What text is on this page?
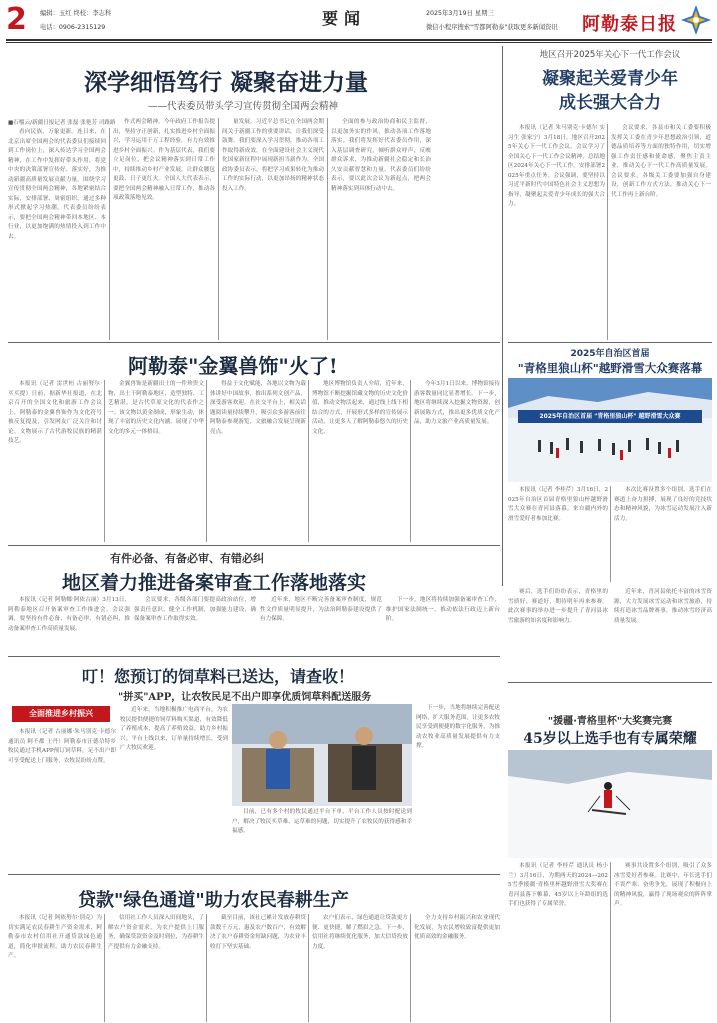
2	编辑：玉红 终校：李志科
电话：0906-2315129	要闻	2025年3月19日 星期三
微信小程序搜索"雪都阿勒泰"获取更多新闻资讯 阿勒泰日报
深学细悟笃行 凝聚奋进力量
——代表委员带头学习宣传贯彻全国两会精神
■石榴云/新疆日报记者 张磊 张艳芳 司路路

看向民族，万象更新。连日来，在北京出席全国两会的代表委员们接续回到工作岗位上，深入传达学习全国两会精神，在工作中发挥好带头作用，将党中央的决策部署宣传好、落实好，为推动新疆高质量发展贡献力量。围绕学习宣传贯彻全国两会精神，各地紧密结合实际，安排部署、周密组织，通过多种形式掀起学习热潮。代表委员纷纷表示，要把全国两会精神带回本地区、本行业，以更加饱满的热情投入到工作中去。

作式两会精神。今年政府工作报告提出，坚持守正创新，扎实推进乡村全面振兴，学习运用千万工程经验，有力有效推进乡村全面振兴。作为基层代表，我们要立足岗位，把会议精神落实到日常工作中，持续推动乡村产业发展，让群众腰包更鼓、日子更红火。全国人大代表表示，要把全国两会精神融入日常工作，推动各项政策落地见效。

量发展。习近平总书记在全国两会期间关于新疆工作的重要讲话，让我们深受鼓舞。我们要深入学习贯彻，推动各项工作取得新成效，在全面建设社会主义现代化国家新征程中展现新担当新作为。全国政协委员表示，将把学习成果转化为推动工作的实际行动，以更加昂扬的精神状态投入工作。

全面的参与政治协商和民主监督，以更加务实的作风，推动各项工作落地落实。我们将发挥好代表委员作用，深入基层调查研究，倾听群众呼声，反映群众诉求，为推动新疆社会稳定和长治久安贡献智慧和力量。代表委员们纷纷表示，要以此次会议为新起点，把两会精神落实到具体行动中去。

地区召开2025年关心下一代工作会议
凝聚起关爱青少年
成长强大合力

本报讯（记者 朱马别克·卡德尔 实习生 张家宁）3月18日，地区召开2025年关心下一代工作会议。会议学习了全国关心下一代工作会议精神，总结地区2024年关心下一代工作，安排部署2025年重点任务。会议强调，要坚持以习近平新时代中国特色社会主义思想为指导，凝聚起关爱青少年成长的强大合力。

会议要求，各县市和关工委要积极发挥关工委在青少年思想政治引领、道德品质培养等方面的独特作用，切实增强工作责任感和使命感，聚焦主责主业，推动关心下一代工作高质量发展。会议要求，各级关工委要加强自身建设，创新工作方式方法，推动关心下一代工作再上新台阶。

阿勒泰"金翼兽饰"火了!

本报讯（记者 雷世桓 古丽努尔·买买提）日前，据新华社报道，在北京召开的全国文化和旅游工作会议上，阿勒泰的金翼兽饰作为文化符号被反复提及，引发网友广泛关注和讨论。文物展示了古代游牧民族的精湛技艺。

金翼兽饰是新疆出土的一件珍贵文物，出土于阿勒泰地区，造型独特、工艺精湛，是古代草原文化的代表作之一。该文物以黄金制成，形象生动，体现了丰富的历史文化内涵，展现了中华文化的多元一体格局。

得益于文化赋能，各地以文物为载体讲好中国故事，推出系列文创产品，深受游客欢迎。在社交平台上，相关话题阅读量持续攀升，吸引众多游客前往阿勒泰参观游览，文旅融合发展呈现新亮点。

地区博物馆负责人介绍，近年来，博物馆不断挖掘馆藏文物的历史文化价值，推动文物活起来，通过线上线下相结合的方式，开展形式多样的宣传展示活动，让更多人了解阿勒泰悠久的历史文化。

今年3月1日以来，博物馆接待游客数量同比显著增长。下一步，地区将继续深入挖掘文物资源，创新展陈方式，推出更多优质文化产品，助力文旅产业高质量发展。

2025年自治区首届
"青格里狼山杯"越野滑雪大众赛落幕
2025年自治区首届 "青格里狼山杯" 越野滑雪大众赛

本报讯（记者 李桂芹）3月16日，2025年自治区首届青格里狼山杯越野滑雪大众赛在青河县落幕。来自疆内外的滑雪爱好者参加比赛。

本次比赛设置多个组别，选手们在赛道上奋力拼搏，展现了良好的竞技状态和精神风貌，为冰雪运动发展注入新活力。

有件必备、有备必审、有错必纠
地区着力推进备案审查工作落地落实

本报讯（记者 阿勒娜·阿依古丽）3月13日，阿勒泰地区召开备案审查工作推进会。会议强调，要坚持有件必备、有备必审、有错必纠，推动备案审查工作高质量发展。

会议要求，各级各部门要提高政治站位，增强责任意识，健全工作机制，加强能力建设，确保备案审查工作取得实效。

近年来，地区不断完善备案审查制度，规范性文件质量明显提升，为法治阿勒泰建设提供了有力保障。

下一步，地区将持续加强备案审查工作，维护国家法制统一，推动依法行政迈上新台阶。

赛后，选手们纷纷表示，青格里的雪质好、赛道好，期待明年再来参赛。此次赛事的举办进一步提升了青河县冰雪旅游的知名度和影响力。

近年来，青河县依托丰富的冰雪资源，大力发展冰雪运动和冰雪旅游，持续打造冰雪品牌赛事，推动冰雪经济高质量发展。

叮！您预订的饲草料已送达，请查收！
"拼买"APP，让农牧民足不出户即享优质饲草料配送服务
全面推进乡村振兴

本报讯（记者 古丽娜·朱马别克·卡德尔 通讯员 阿不都 王丹）阿勒泰市汗德尕特乡牧民通过手机APP预订饲草料，足不出户即可享受配送上门服务，农牧民纷纷点赞。

近年来，当地积极推广电商平台，为农牧民提供便捷的饲草料购买渠道，有效降低了养殖成本，提高了养殖效益，助力乡村振兴。平台上线以来，订单量持续增长，受到广大牧民欢迎。

目前，已有多个村的牧民通过平台下单，平台工作人员按时配送到户，解决了牧民买草难、运草难的问题，切实提升了农牧民的获得感和幸福感。

下一步，当地将继续完善配送网络，扩大服务范围，让更多农牧民享受到便捷的数字化服务，为推动农牧业高质量发展提供有力支撑。

"援疆·青格里杯"大奖赛完赛
45岁以上选手也有专属荣耀

本报讯（记者 李桂芹 通讯员 杨小兰）3月16日，为期两天的2024—2025雪季援疆·青格里杯越野滑雪大奖赛在青河县落下帷幕，45岁以上年龄组的选手们也获得了专属荣誉。

赛事共设置多个组别，吸引了众多冰雪爱好者参赛。比赛中，年长选手们不畏严寒、奋勇争先，展现了积极向上的精神风貌，赢得了现场观众的阵阵掌声。

贷款"绿色通道"助力农民春耕生产

本报讯（记者 阿依努尔·别克）为切实满足农民春耕生产资金需求，阿勒泰市农村信用社开通贷款绿色通道，简化审批流程，助力农民春耕生产。

信用社工作人员深入田间地头，了解农户资金需求，为农户提供上门服务，确保贷款资金及时到位，为春耕生产提供有力金融支持。

截至目前，该社已累计发放春耕贷款数千万元，惠及农户数百户，有效解决了农户春耕资金短缺问题，为农业丰收打下坚实基础。

农户们表示，绿色通道让贷款更方便、更快捷，解了燃眉之急。下一步，信用社将继续优化服务，加大信贷投放力度。

全力支持乡村振兴和农业现代化发展，为农民增收致富提供更加优质高效的金融服务。
